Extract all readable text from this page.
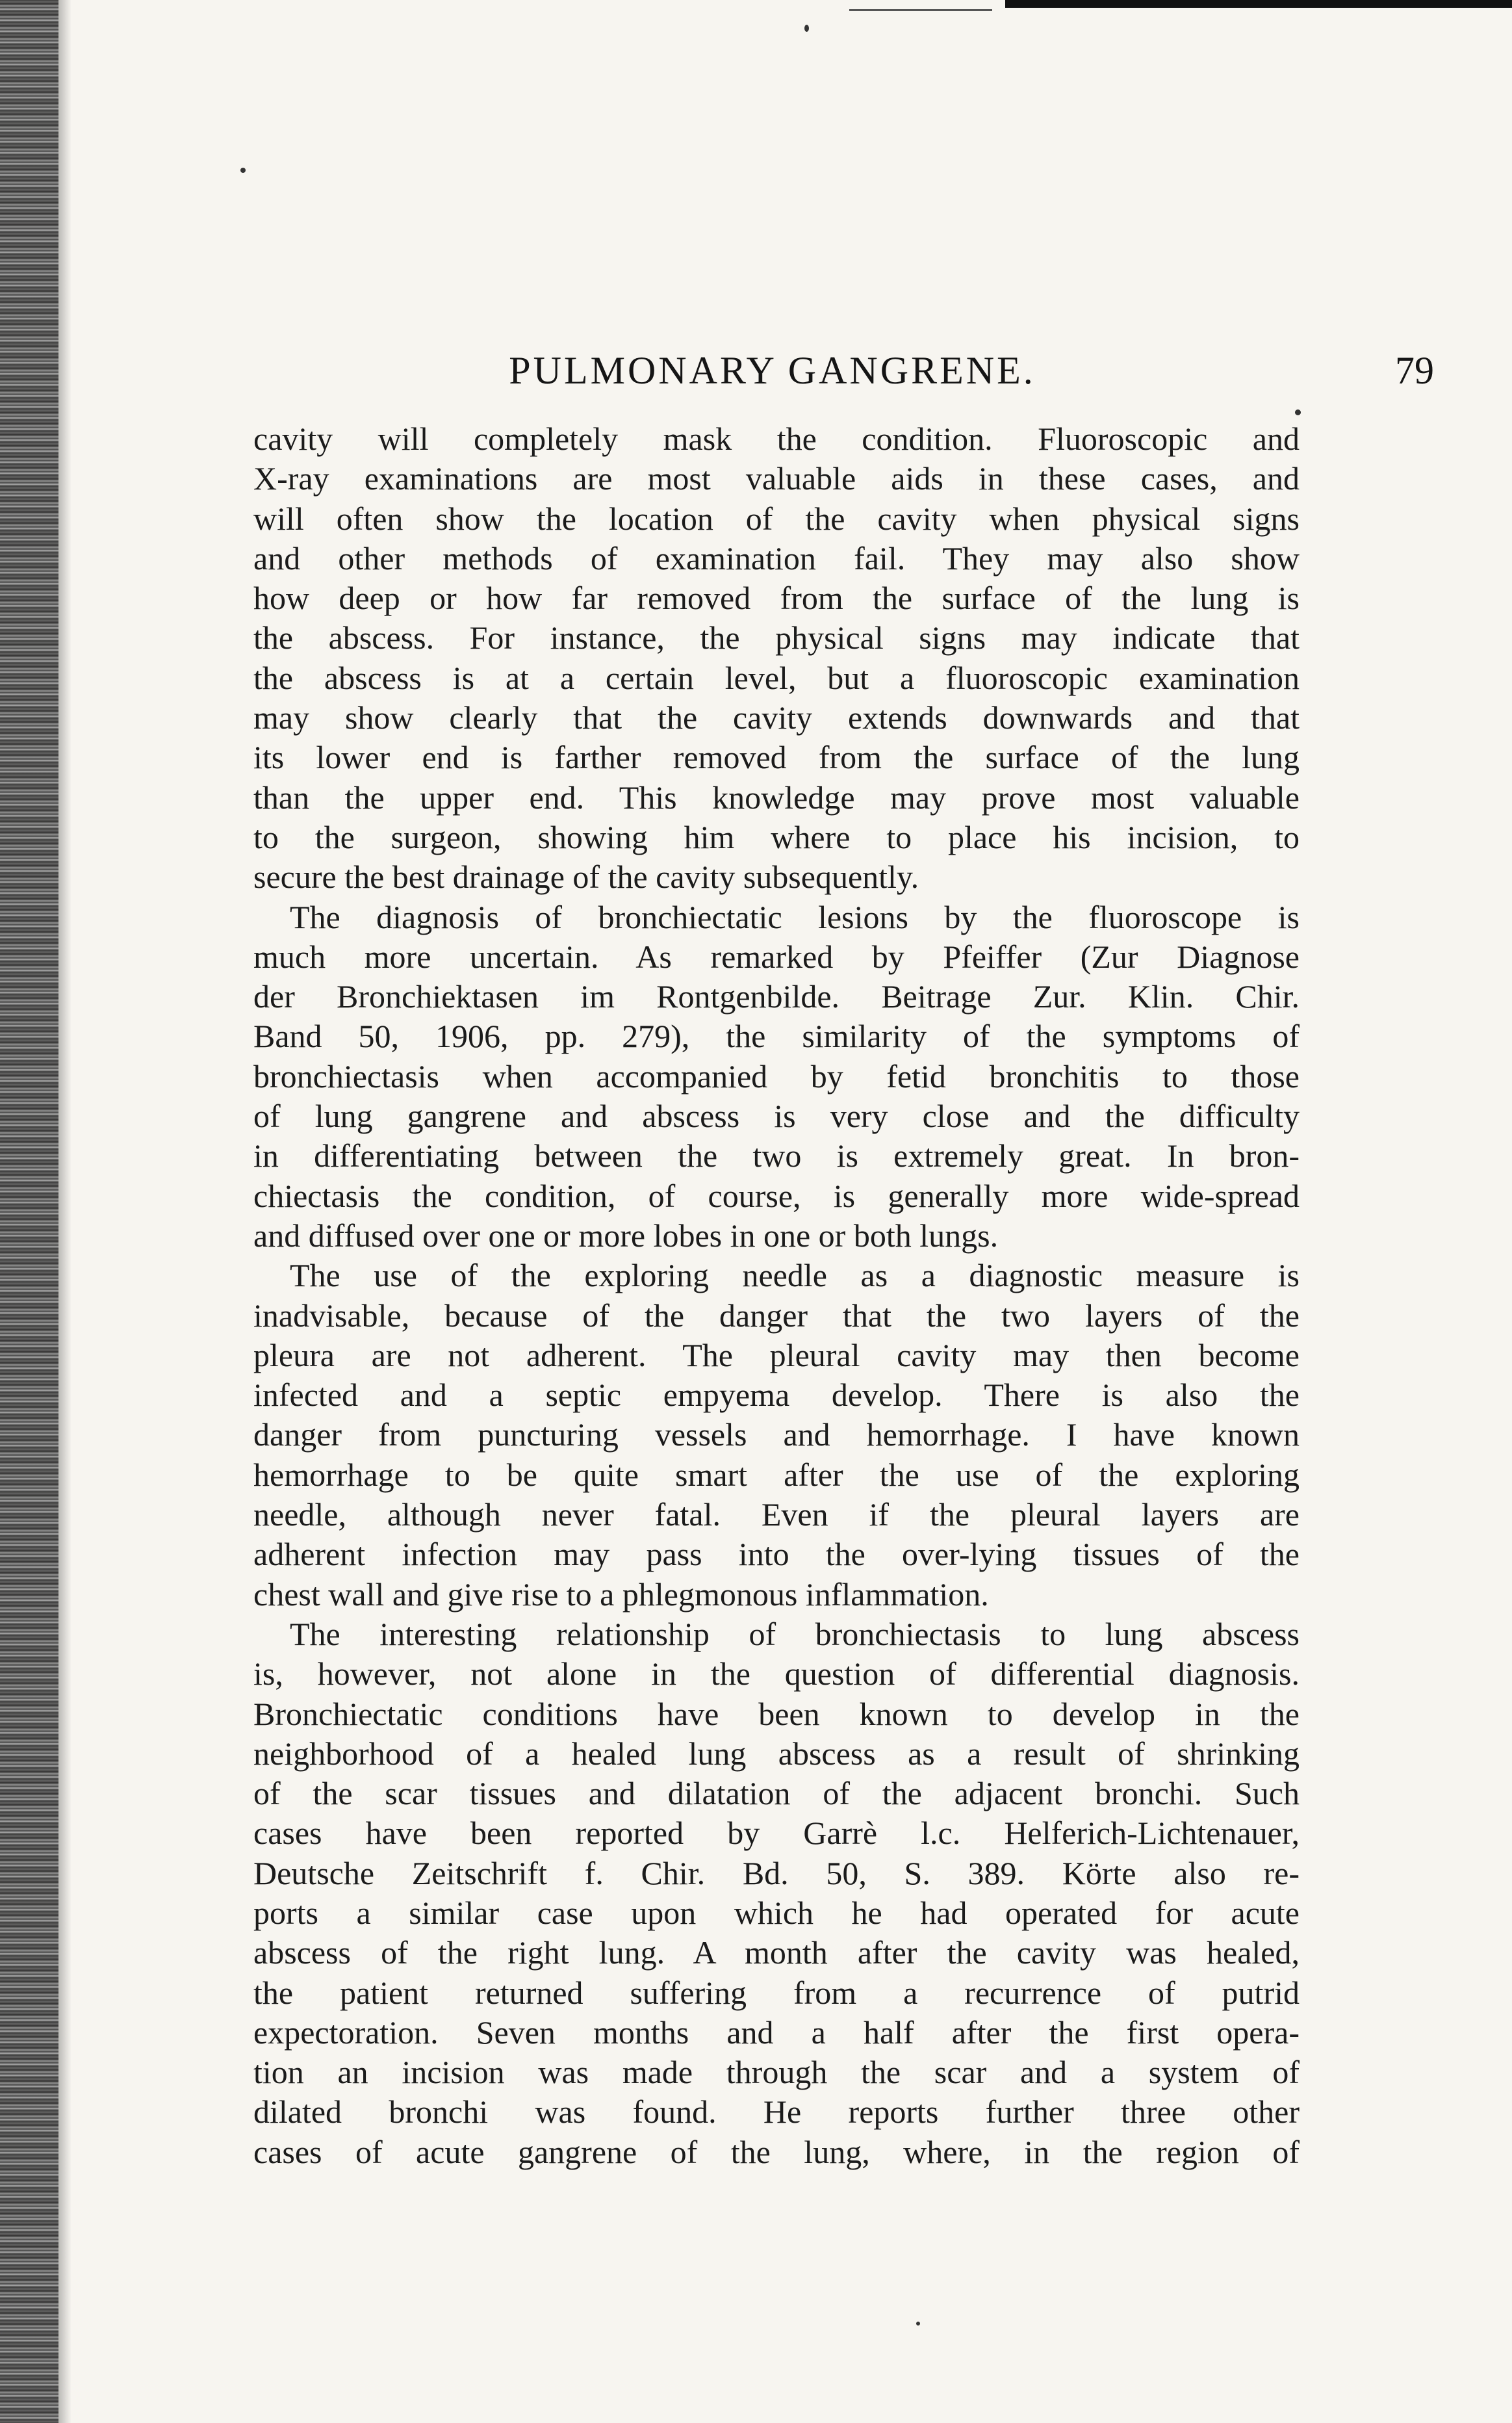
PULMONARY GANGRENE.	79
cavity will completely mask the condition. Fluoroscopic and
X-ray examinations are most valuable aids in these cases, and
will often show the location of the cavity when physical signs
and other methods of examination fail. They may also show
how deep or how far removed from the surface of the lung is
the abscess. For instance, the physical signs may indicate that
the abscess is at a certain level, but a fluoroscopic examination
may show clearly that the cavity extends downwards and that
its lower end is farther removed from the surface of the lung
than the upper end. This knowledge may prove most valuable
to the surgeon, showing him where to place his incision, to
secure the best drainage of the cavity subsequently.
The diagnosis of bronchiectatic lesions by the fluoroscope is
much more uncertain. As remarked by Pfeiffer (Zur Diagnose
der Bronchiektasen im Rontgenbilde. Beitrage Zur. Klin. Chir.
Band 50, 1906, pp. 279), the similarity of the symptoms of
bronchiectasis when accompanied by fetid bronchitis to those
of lung gangrene and abscess is very close and the difficulty
in differentiating between the two is extremely great. In bron-
chiectasis the condition, of course, is generally more wide-spread
and diffused over one or more lobes in one or both lungs.
The use of the exploring needle as a diagnostic measure is
inadvisable, because of the danger that the two layers of the
pleura are not adherent. The pleural cavity may then become
infected and a septic empyema develop. There is also the
danger from puncturing vessels and hemorrhage. I have known
hemorrhage to be quite smart after the use of the exploring
needle, although never fatal. Even if the pleural layers are
adherent infection may pass into the over-lying tissues of the
chest wall and give rise to a phlegmonous inflammation.
The interesting relationship of bronchiectasis to lung abscess
is, however, not alone in the question of differential diagnosis.
Bronchiectatic conditions have been known to develop in the
neighborhood of a healed lung abscess as a result of shrinking
of the scar tissues and dilatation of the adjacent bronchi. Such
cases have been reported by Garrè l.c. Helferich-Lichtenauer,
Deutsche Zeitschrift f. Chir. Bd. 50, S. 389. Körte also re-
ports a similar case upon which he had operated for acute
abscess of the right lung. A month after the cavity was healed,
the patient returned suffering from a recurrence of putrid
expectoration. Seven months and a half after the first opera-
tion an incision was made through the scar and a system of
dilated bronchi was found. He reports further three other
cases of acute gangrene of the lung, where, in the region of
